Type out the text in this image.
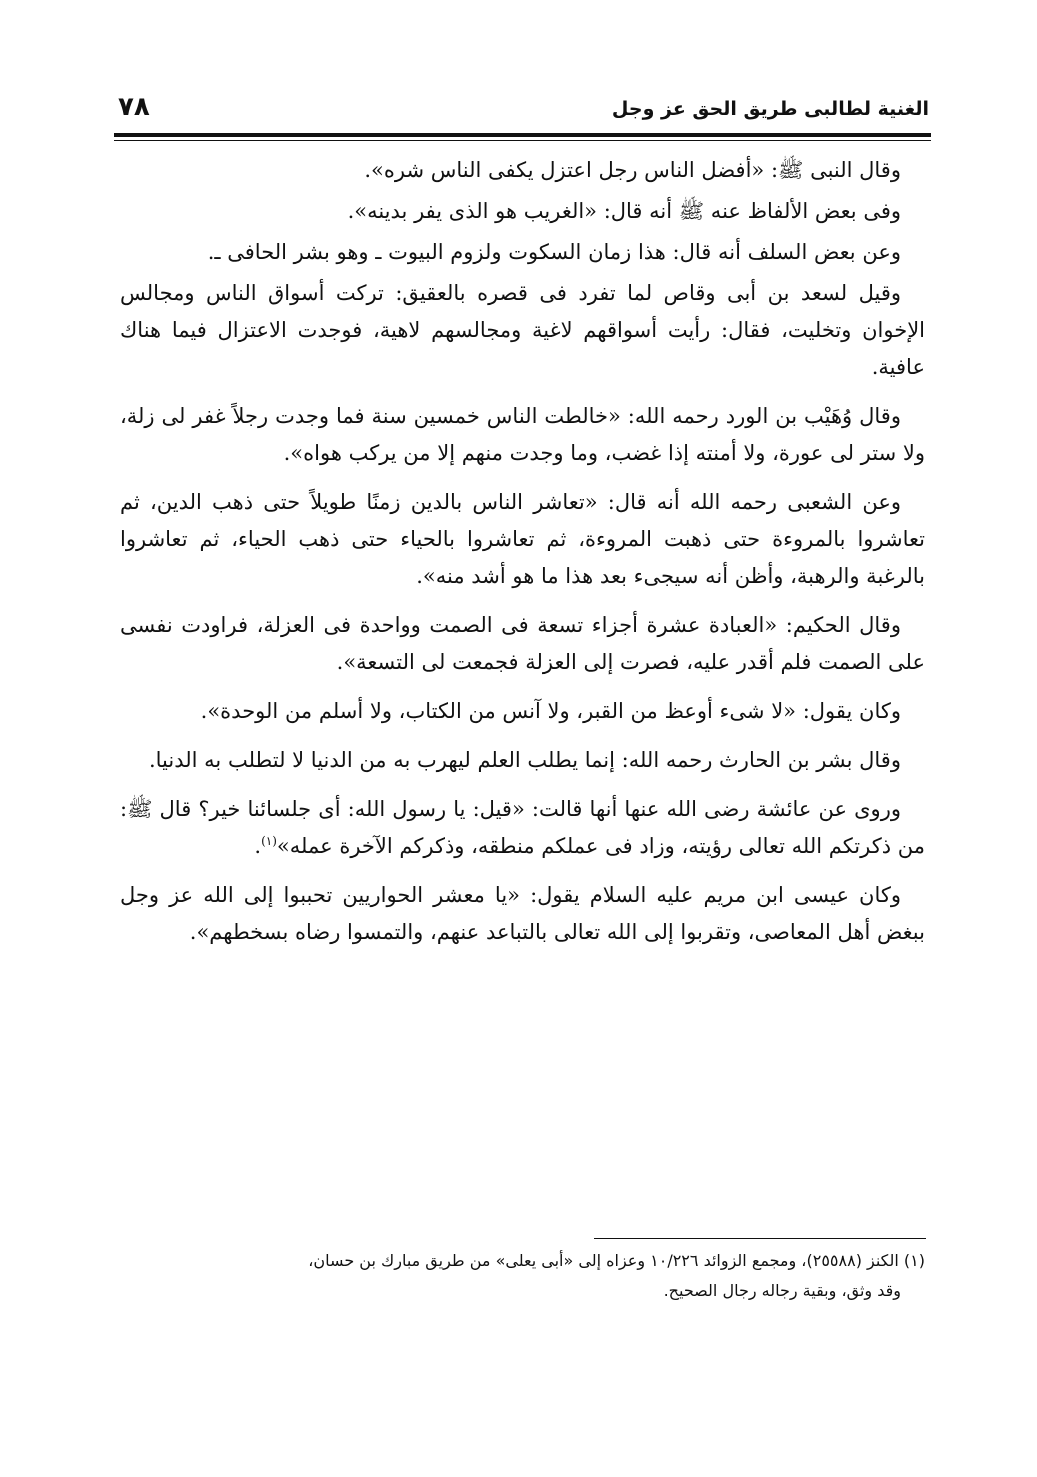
الغنية لطالبى طريق الحق عز وجل
٧٨

وقال النبى ﷺ: «أفضل الناس رجل اعتزل يكفى الناس شره».

وفى بعض الألفاظ عنه ﷺ أنه قال: «الغريب هو الذى يفر بدينه».

وعن بعض السلف أنه قال: هذا زمان السكوت ولزوم البيوت ـ وهو بشر الحافى ـ.

وقيل لسعد بن أبى وقاص لما تفرد فى قصره بالعقيق: تركت أسواق الناس ومجالس الإخوان وتخليت، فقال: رأيت أسواقهم لاغية ومجالسهم لاهية، فوجدت الاعتزال فيما هناك عافية.

وقال وُهَيْب بن الورد رحمه الله: «خالطت الناس خمسين سنة فما وجدت رجلاً غفر لى زلة، ولا ستر لى عورة، ولا أمنته إذا غضب، وما وجدت منهم إلا من يركب هواه».

وعن الشعبى رحمه الله أنه قال: «تعاشر الناس بالدين زمنًا طويلاً حتى ذهب الدين، ثم تعاشروا بالمروءة حتى ذهبت المروءة، ثم تعاشروا بالحياء حتى ذهب الحياء، ثم تعاشروا بالرغبة والرهبة، وأظن أنه سيجىء بعد هذا ما هو أشد منه».

وقال الحكيم: «العبادة عشرة أجزاء تسعة فى الصمت وواحدة فى العزلة، فراودت نفسى على الصمت فلم أقدر عليه، فصرت إلى العزلة فجمعت لى التسعة».

وكان يقول: «لا شىء أوعظ من القبر، ولا آنس من الكتاب، ولا أسلم من الوحدة».

وقال بشر بن الحارث رحمه الله: إنما يطلب العلم ليهرب به من الدنيا لا لتطلب به الدنيا.

وروى عن عائشة رضى الله عنها أنها قالت: «قيل: يا رسول الله: أى جلسائنا خير؟ قال ﷺ: من ذكرتكم الله تعالى رؤيته، وزاد فى عملكم منطقه، وذكركم الآخرة عمله»$^{(١)}$.

وكان عيسى ابن مريم عليه السلام يقول: «يا معشر الحواريين تحببوا إلى الله عز وجل ببغض أهل المعاصى، وتقربوا إلى الله تعالى بالتباعد عنهم، والتمسوا رضاه بسخطهم».

(١) الكنز (٢٥٥٨٨)، ومجمع الزوائد ١٠/٢٢٦ وعزاه إلى «أبى يعلى» من طريق مبارك بن حسان،

وقد وثق، وبقية رجاله رجال الصحيح.
